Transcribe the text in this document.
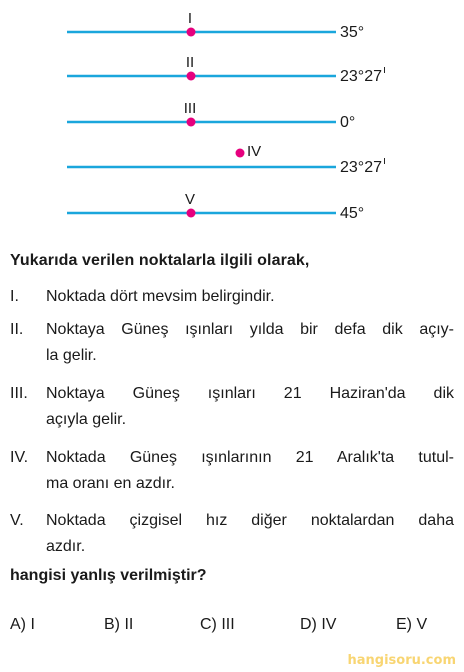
I
35°
II
23°27 ı
III
0°
IV
23°27 ı
V
45°
Yukarıda verilen noktalarla ilgili olarak,
I. Noktada dört mevsim belirgindir.
II. Noktaya Güneş ışınları yılda bir defa dik açıy-
la gelir.
III. Noktaya Güneş ışınları 21 Haziran'da dik
açıyla gelir.
IV. Noktada Güneş ışınlarının 21 Aralık'ta tutul-
ma oranı en azdır.
V. Noktada çizgisel hız diğer noktalardan daha
azdır.
hangisi yanlış verilmiştir?
A) I	B) II	C) III	D) IV	E) V
hangisoru.com
